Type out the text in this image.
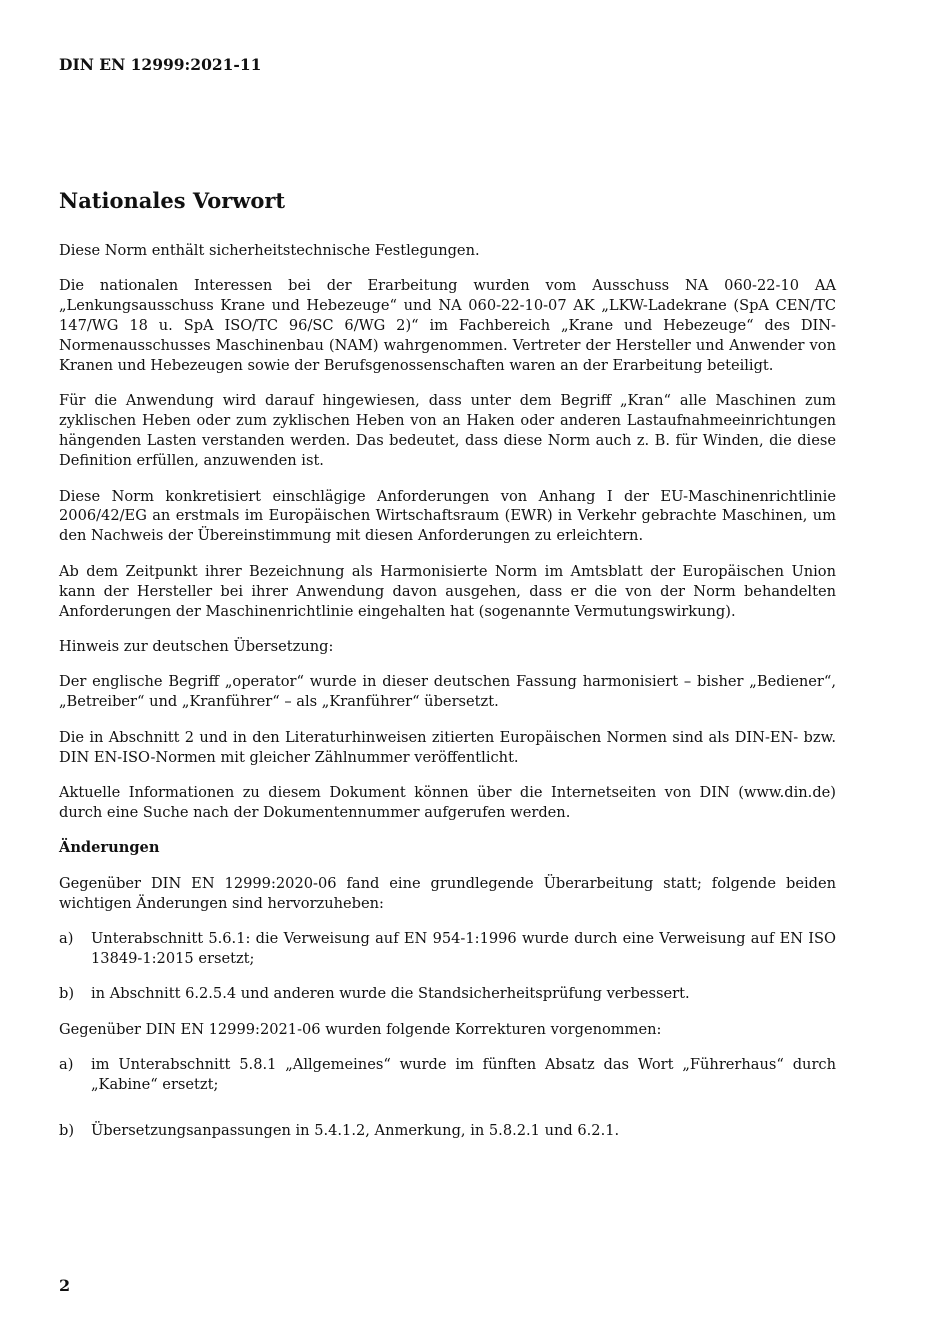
DIN EN 12999:2021-11
Nationales Vorwort

Diese Norm enthält sicherheitstechnische Festlegungen.

Die nationalen Interessen bei der Erarbeitung wurden vom Ausschuss NA 060-22-10 AA „Lenkungsausschuss Krane und Hebezeuge“ und NA 060-22-10-07 AK „LKW-Ladekrane (SpA CEN/TC 147/WG 18 u. SpA ISO/TC 96/SC 6/WG 2)“ im Fachbereich „Krane und Hebezeuge“ des DIN-Normenausschusses Maschinenbau (NAM) wahrgenommen. Vertreter der Hersteller und Anwender von Kranen und Hebezeugen sowie der Berufsgenossenschaften waren an der Erarbeitung beteiligt.

Für die Anwendung wird darauf hingewiesen, dass unter dem Begriff „Kran“ alle Maschinen zum zyklischen Heben oder zum zyklischen Heben von an Haken oder anderen Lastaufnahmeeinrichtungen hängenden Lasten verstanden werden. Das bedeutet, dass diese Norm auch z. B. für Winden, die diese Definition erfüllen, anzuwenden ist.

Diese Norm konkretisiert einschlägige Anforderungen von Anhang I der EU-Maschinenrichtlinie 2006/42/EG an erstmals im Europäischen Wirtschaftsraum (EWR) in Verkehr gebrachte Maschinen, um den Nachweis der Übereinstimmung mit diesen Anforderungen zu erleichtern.

Ab dem Zeitpunkt ihrer Bezeichnung als Harmonisierte Norm im Amtsblatt der Europäischen Union kann der Hersteller bei ihrer Anwendung davon ausgehen, dass er die von der Norm behandelten Anforderungen der Maschinenrichtlinie eingehalten hat (sogenannte Vermutungswirkung).

Hinweis zur deutschen Übersetzung:

Der englische Begriff „operator“ wurde in dieser deutschen Fassung harmonisiert – bisher „Bediener“, „Betreiber“ und „Kranführer“ – als „Kranführer“ übersetzt.

Die in Abschnitt 2 und in den Literaturhinweisen zitierten Europäischen Normen sind als DIN-EN- bzw. DIN EN-ISO-Normen mit gleicher Zählnummer veröffentlicht.

Aktuelle Informationen zu diesem Dokument können über die Internetseiten von DIN (www.din.de) durch eine Suche nach der Dokumentennummer aufgerufen werden.

Änderungen

Gegenüber DIN EN 12999:2020-06 fand eine grundlegende Überarbeitung statt; folgende beiden wichtigen Änderungen sind hervorzuheben:

a)	Unterabschnitt 5.6.1: die Verweisung auf EN 954-1:1996 wurde durch eine Verweisung auf EN ISO 13849-1:2015 ersetzt;
b)	in Abschnitt 6.2.5.4 und anderen wurde die Standsicherheitsprüfung verbessert.

Gegenüber DIN EN 12999:2021-06 wurden folgende Korrekturen vorgenommen:

a)	im Unterabschnitt 5.8.1 „Allgemeines“ wurde im fünften Absatz das Wort „Führerhaus“ durch „Kabine“ ersetzt;
b)	Übersetzungsanpassungen in 5.4.1.2, Anmerkung, in 5.8.2.1 und 6.2.1.
2
